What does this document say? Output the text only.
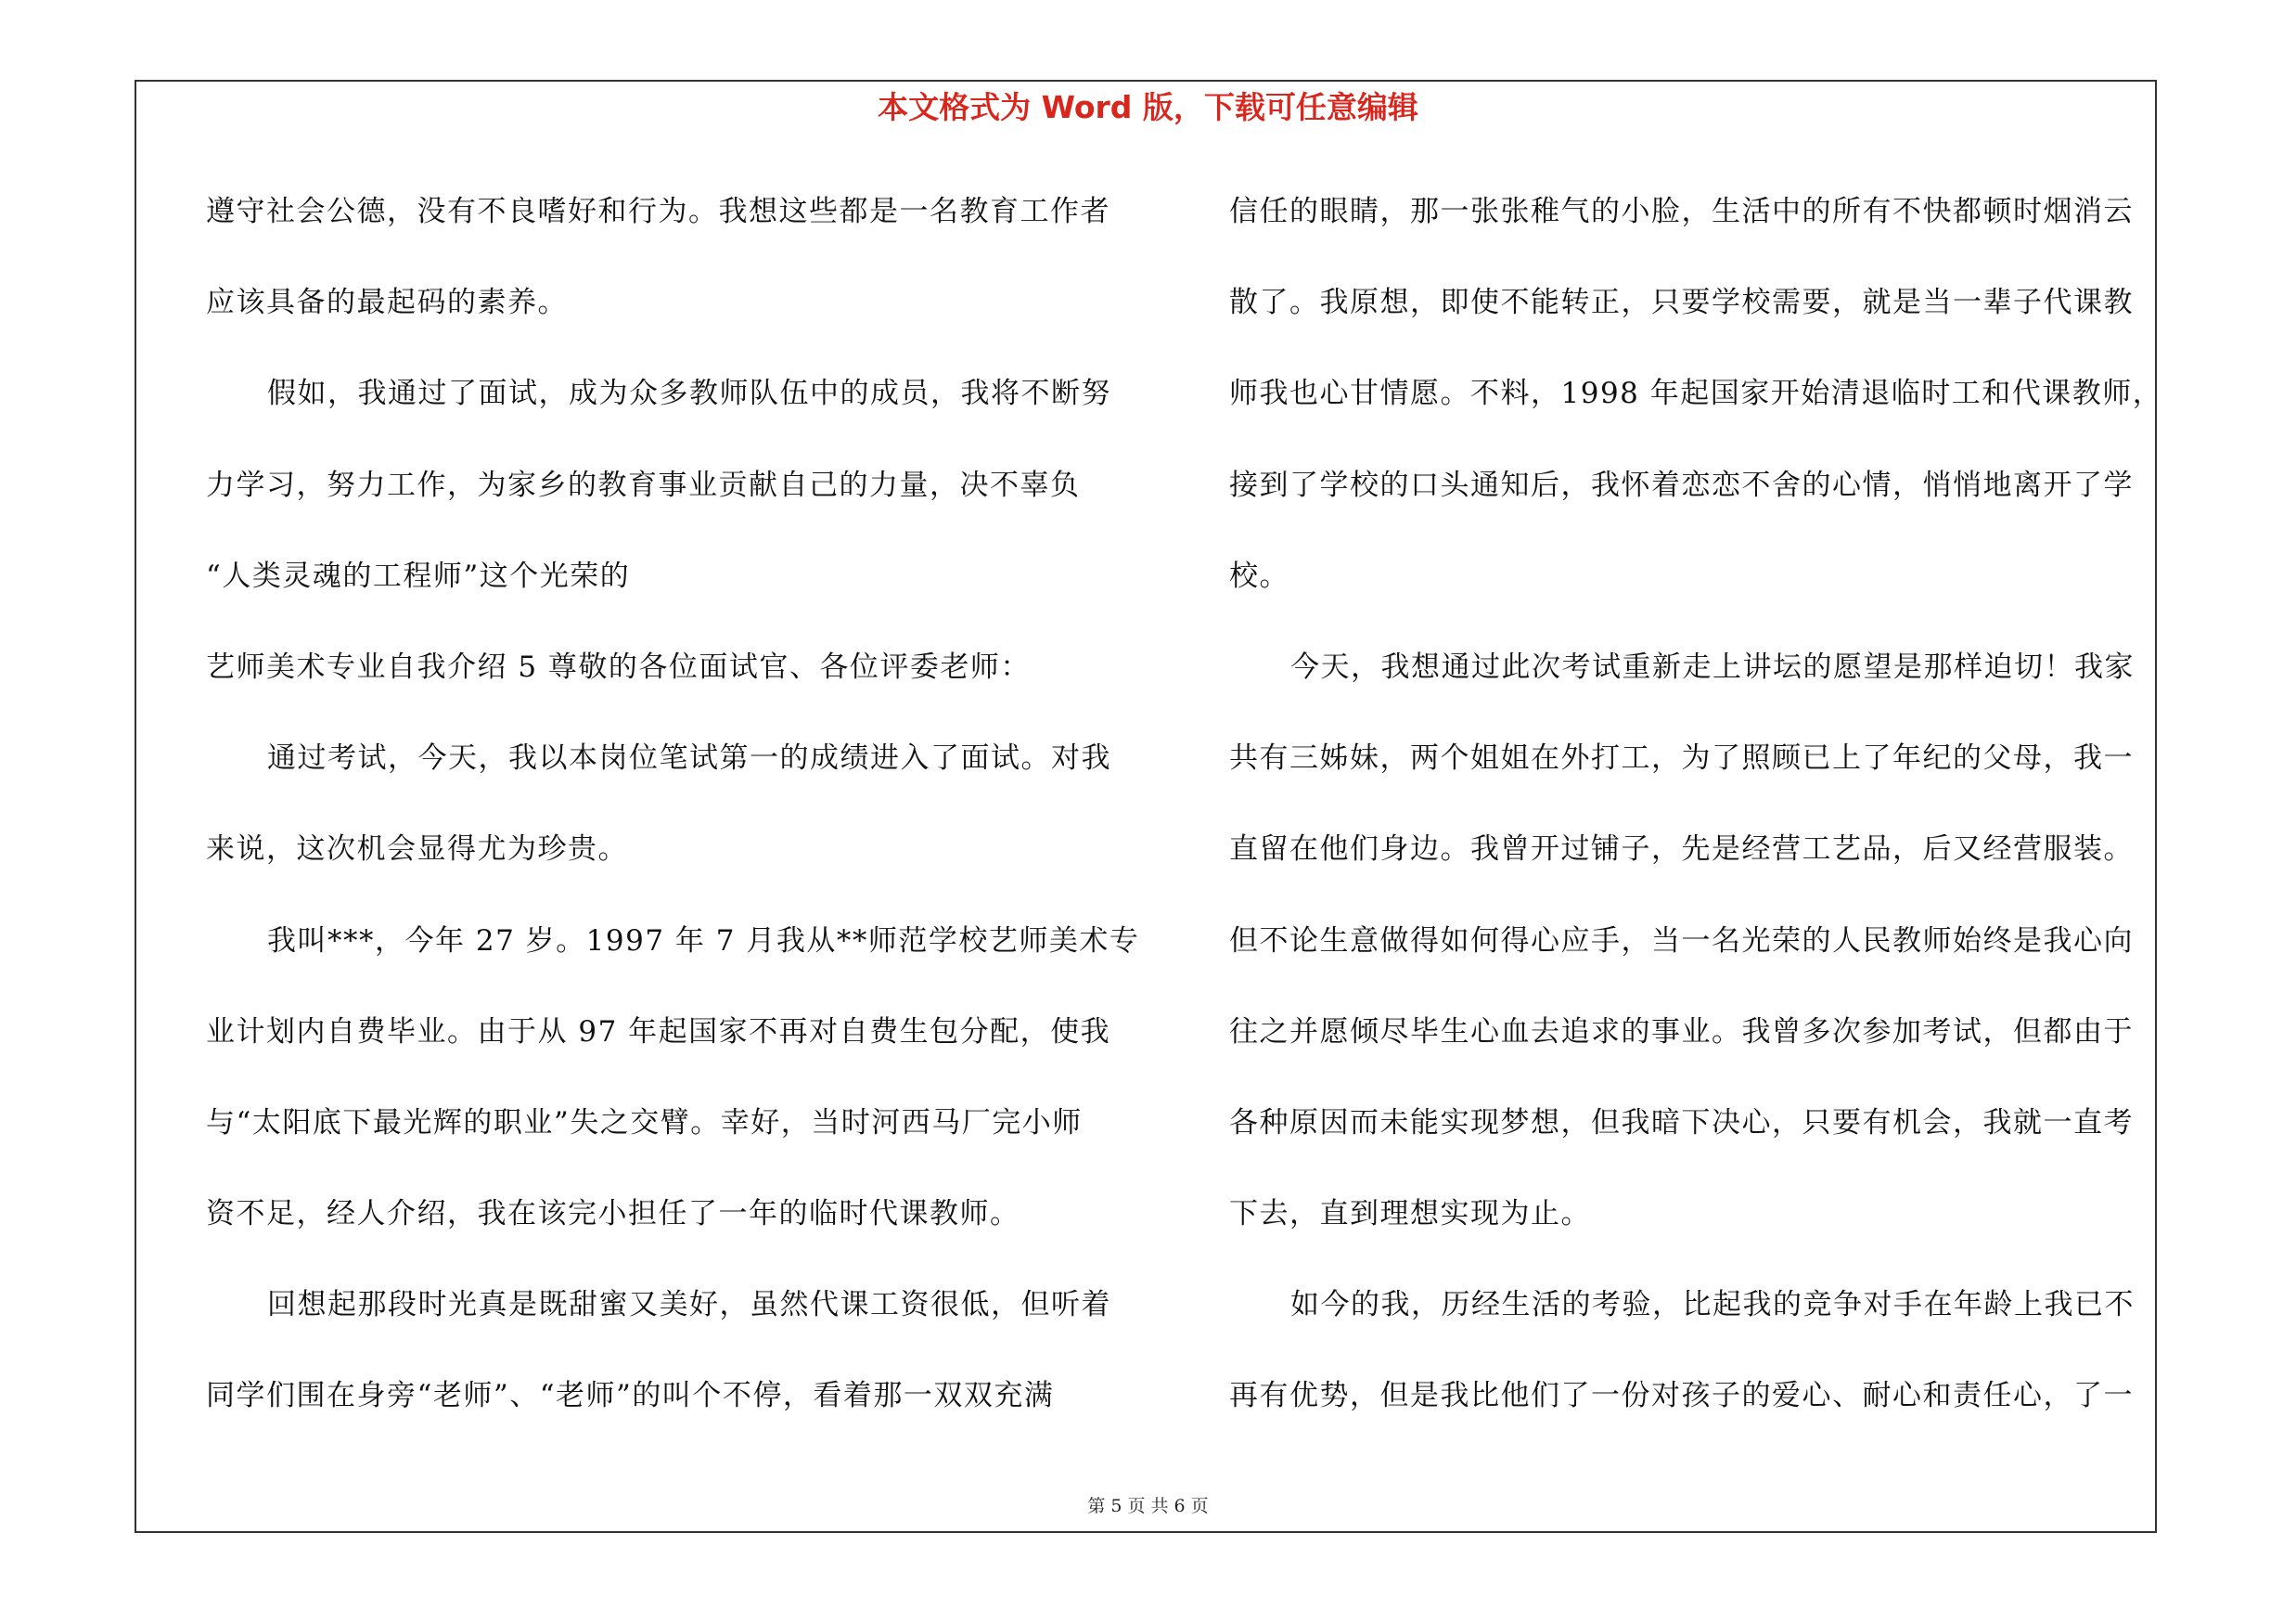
本文格式为 Word 版，下载可任意编辑
遵守社会公德，没有不良嗜好和行为。我想这些都是一名教育工作者
应该具备的最起码的素养。
假如，我通过了面试，成为众多教师队伍中的成员，我将不断努
力学习，努力工作，为家乡的教育事业贡献自己的力量，决不辜负
“人类灵魂的工程师”这个光荣的
艺师美术专业自我介绍 5 尊敬的各位面试官、各位评委老师：
通过考试，今天，我以本岗位笔试第一的成绩进入了面试。对我
来说，这次机会显得尤为珍贵。
我叫***，今年 27 岁。1997 年 7 月我从**师范学校艺师美术专
业计划内自费毕业。由于从 97 年起国家不再对自费生包分配，使我
与“太阳底下最光辉的职业”失之交臂。幸好，当时河西马厂完小师
资不足，经人介绍，我在该完小担任了一年的临时代课教师。
回想起那段时光真是既甜蜜又美好，虽然代课工资很低，但听着
同学们围在身旁“老师”、“老师”的叫个不停，看着那一双双充满
信任的眼睛，那一张张稚气的小脸，生活中的所有不快都顿时烟消云
散了。我原想，即使不能转正，只要学校需要，就是当一辈子代课教
师我也心甘情愿。不料，1998 年起国家开始清退临时工和代课教师，
接到了学校的口头通知后，我怀着恋恋不舍的心情，悄悄地离开了学
校。
今天，我想通过此次考试重新走上讲坛的愿望是那样迫切！我家
共有三姊妹，两个姐姐在外打工，为了照顾已上了年纪的父母，我一
直留在他们身边。我曾开过铺子，先是经营工艺品，后又经营服装。
但不论生意做得如何得心应手，当一名光荣的人民教师始终是我心向
往之并愿倾尽毕生心血去追求的事业。我曾多次参加考试，但都由于
各种原因而未能实现梦想，但我暗下决心，只要有机会，我就一直考
下去，直到理想实现为止。
如今的我，历经生活的考验，比起我的竞争对手在年龄上我已不
再有优势，但是我比他们了一份对孩子的爱心、耐心和责任心，了一
第 5 页 共 6 页
